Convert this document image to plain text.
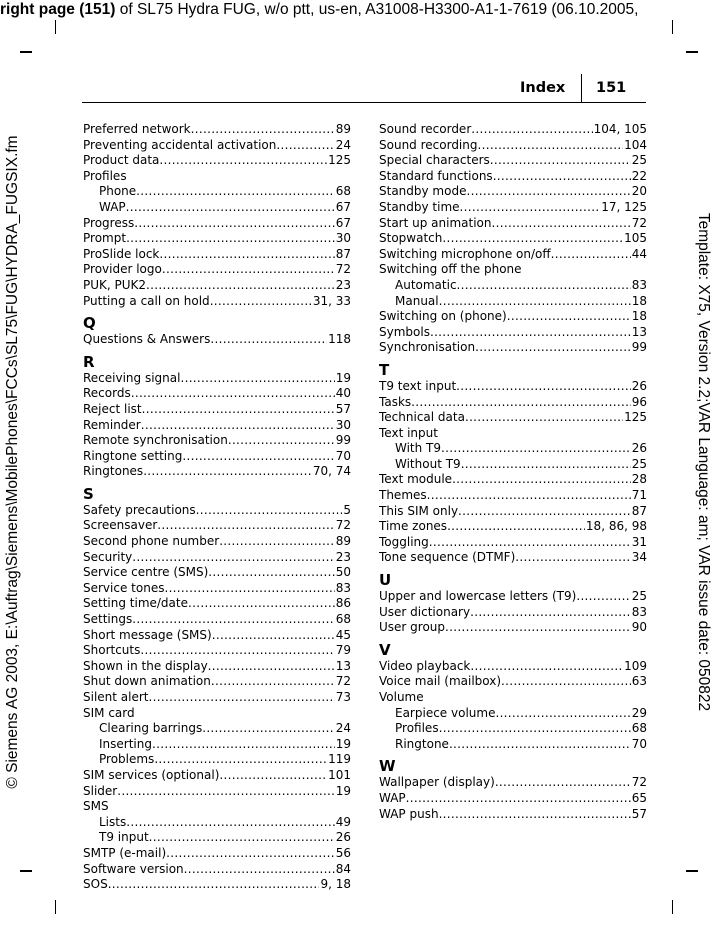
right page (151) of SL75 Hydra FUG, w/o ptt, us-en, A31008-H3300-A1-1-7619 (06.10.2005,
© Siemens AG 2003, E:\Auftrag\Siemens\MobilePhones\FCCs\SL75\FUG\HYDRA_FUGSIX.fm	Template: X75, Version 2.2;VAR Language: am; VAR issue date: 050822
Index 151
Preferred network .....	89
Preventing accidental activation .....	24
Product data .....	125
Profiles
Phone .....	68
WAP .....	67
Progress .....	67
Prompt .....	30
ProSlide lock .....	87
Provider logo .....	72
PUK, PUK2 .....	23
Putting a call on hold .....	31, 33
Q
Questions & Answers .....	118
R
Receiving signal .....	19
Records .....	40
Reject list .....	57
Reminder .....	30
Remote synchronisation .....	99
Ringtone setting .....	70
Ringtones .....	70, 74
S
Safety precautions .....	5
Screensaver .....	72
Second phone number .....	89
Security .....	23
Service centre (SMS) .....	50
Service tones .....	83
Setting time/date .....	86
Settings .....	68
Short message (SMS) .....	45
Shortcuts .....	79
Shown in the display .....	13
Shut down animation .....	72
Silent alert .....	73
SIM card
Clearing barrings .....	24
Inserting .....	19
Problems .....	119
SIM services (optional) .....	101
Slider .....	19
SMS
Lists .....	49
T9 input .....	26
SMTP (e-mail) .....	56
Software version .....	84
SOS .....	9, 18
Sound recorder .....	104, 105
Sound recording .....	104
Special characters .....	25
Standard functions .....	22
Standby mode .....	20
Standby time .....	17, 125
Start up animation .....	72
Stopwatch .....	105
Switching microphone on/off .....	44
Switching off the phone
Automatic .....	83
Manual .....	18
Switching on (phone) .....	18
Symbols .....	13
Synchronisation .....	99
T
T9 text input .....	26
Tasks .....	96
Technical data .....	125
Text input
With T9 .....	26
Without T9 .....	25
Text module .....	28
Themes .....	71
This SIM only .....	87
Time zones .....	18, 86, 98
Toggling .....	31
Tone sequence (DTMF) .....	34
U
Upper and lowercase letters (T9) .....	25
User dictionary .....	83
User group .....	90
V
Video playback .....	109
Voice mail (mailbox) .....	63
Volume
Earpiece volume .....	29
Profiles .....	68
Ringtone .....	70
W
Wallpaper (display) .....	72
WAP .....	65
WAP push .....	57
